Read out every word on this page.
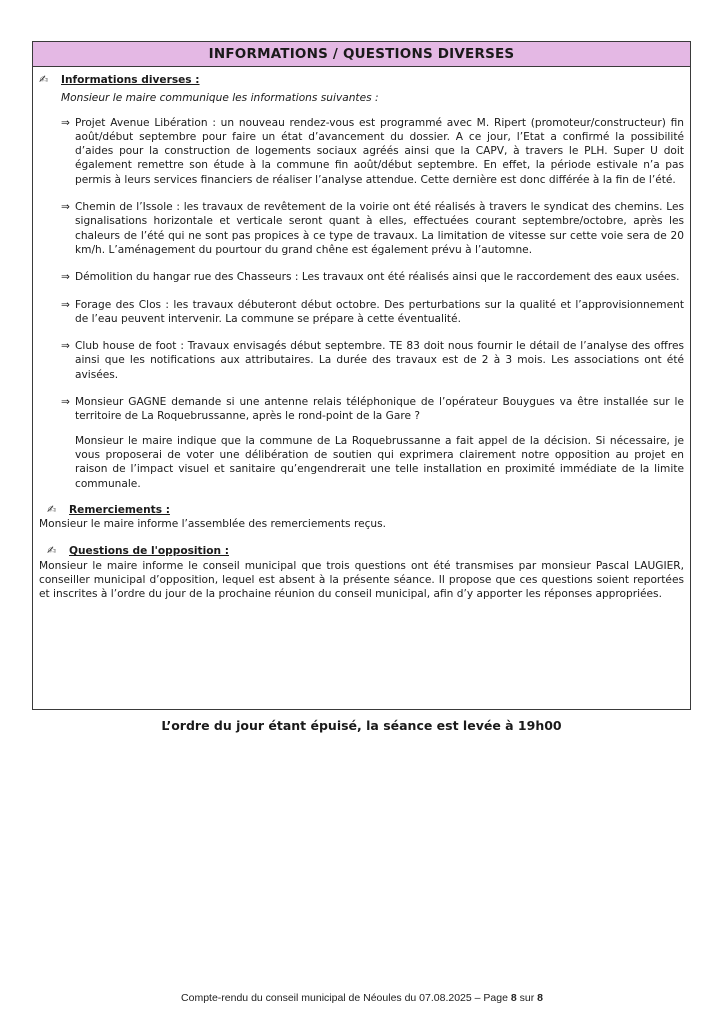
INFORMATIONS / QUESTIONS DIVERSES
✍ Informations diverses :
Monsieur le maire communique les informations suivantes :
⇒ Projet Avenue Libération : un nouveau rendez-vous est programmé avec M. Ripert (promoteur/constructeur) fin août/début septembre pour faire un état d’avancement du dossier. A ce jour, l’Etat a confirmé la possibilité d’aides pour la construction de logements sociaux agréés ainsi que la CAPV, à travers le PLH. Super U doit également remettre son étude à la commune fin août/début septembre. En effet, la période estivale n’a pas permis à leurs services financiers de réaliser l’analyse attendue. Cette dernière est donc différée à la fin de l’été.
⇒ Chemin de l’Issole : les travaux de revêtement de la voirie ont été réalisés à travers le syndicat des chemins. Les signalisations horizontale et verticale seront quant à elles, effectuées courant septembre/octobre, après les chaleurs de l’été qui ne sont pas propices à ce type de travaux. La limitation de vitesse sur cette voie sera de 20 km/h. L’aménagement du pourtour du grand chêne est également prévu à l’automne.
⇒ Démolition du hangar rue des Chasseurs : Les travaux ont été réalisés ainsi que le raccordement des eaux usées.
⇒ Forage des Clos : les travaux débuteront début octobre. Des perturbations sur la qualité et l’approvisionnement de l’eau peuvent intervenir. La commune se prépare à cette éventualité.
⇒ Club house de foot : Travaux envisagés début septembre. TE 83 doit nous fournir le détail de l’analyse des offres ainsi que les notifications aux attributaires. La durée des travaux est de 2 à 3 mois. Les associations ont été avisées.
⇒ Monsieur GAGNE demande si une antenne relais téléphonique de l’opérateur Bouygues va être installée sur le territoire de La Roquebrussanne, après le rond-point de la Gare ?
Monsieur le maire indique que la commune de La Roquebrussanne a fait appel de la décision. Si nécessaire, je vous proposerai de voter une délibération de soutien qui exprimera clairement notre opposition au projet en raison de l’impact visuel et sanitaire qu’engendrerait une telle installation en proximité immédiate de la limite communale.
✍ Remerciements :
Monsieur le maire informe l’assemblée des remerciements reçus.
✍ Questions de l'opposition :
Monsieur le maire informe le conseil municipal que trois questions ont été transmises par monsieur Pascal LAUGIER, conseiller municipal d’opposition, lequel est absent à la présente séance. Il propose que ces questions soient reportées et inscrites à l’ordre du jour de la prochaine réunion du conseil municipal, afin d’y apporter les réponses appropriées.
L’ordre du jour étant épuisé, la séance est levée à 19h00
Compte-rendu du conseil municipal de Néoules du 07.08.2025 – Page 8 sur 8
